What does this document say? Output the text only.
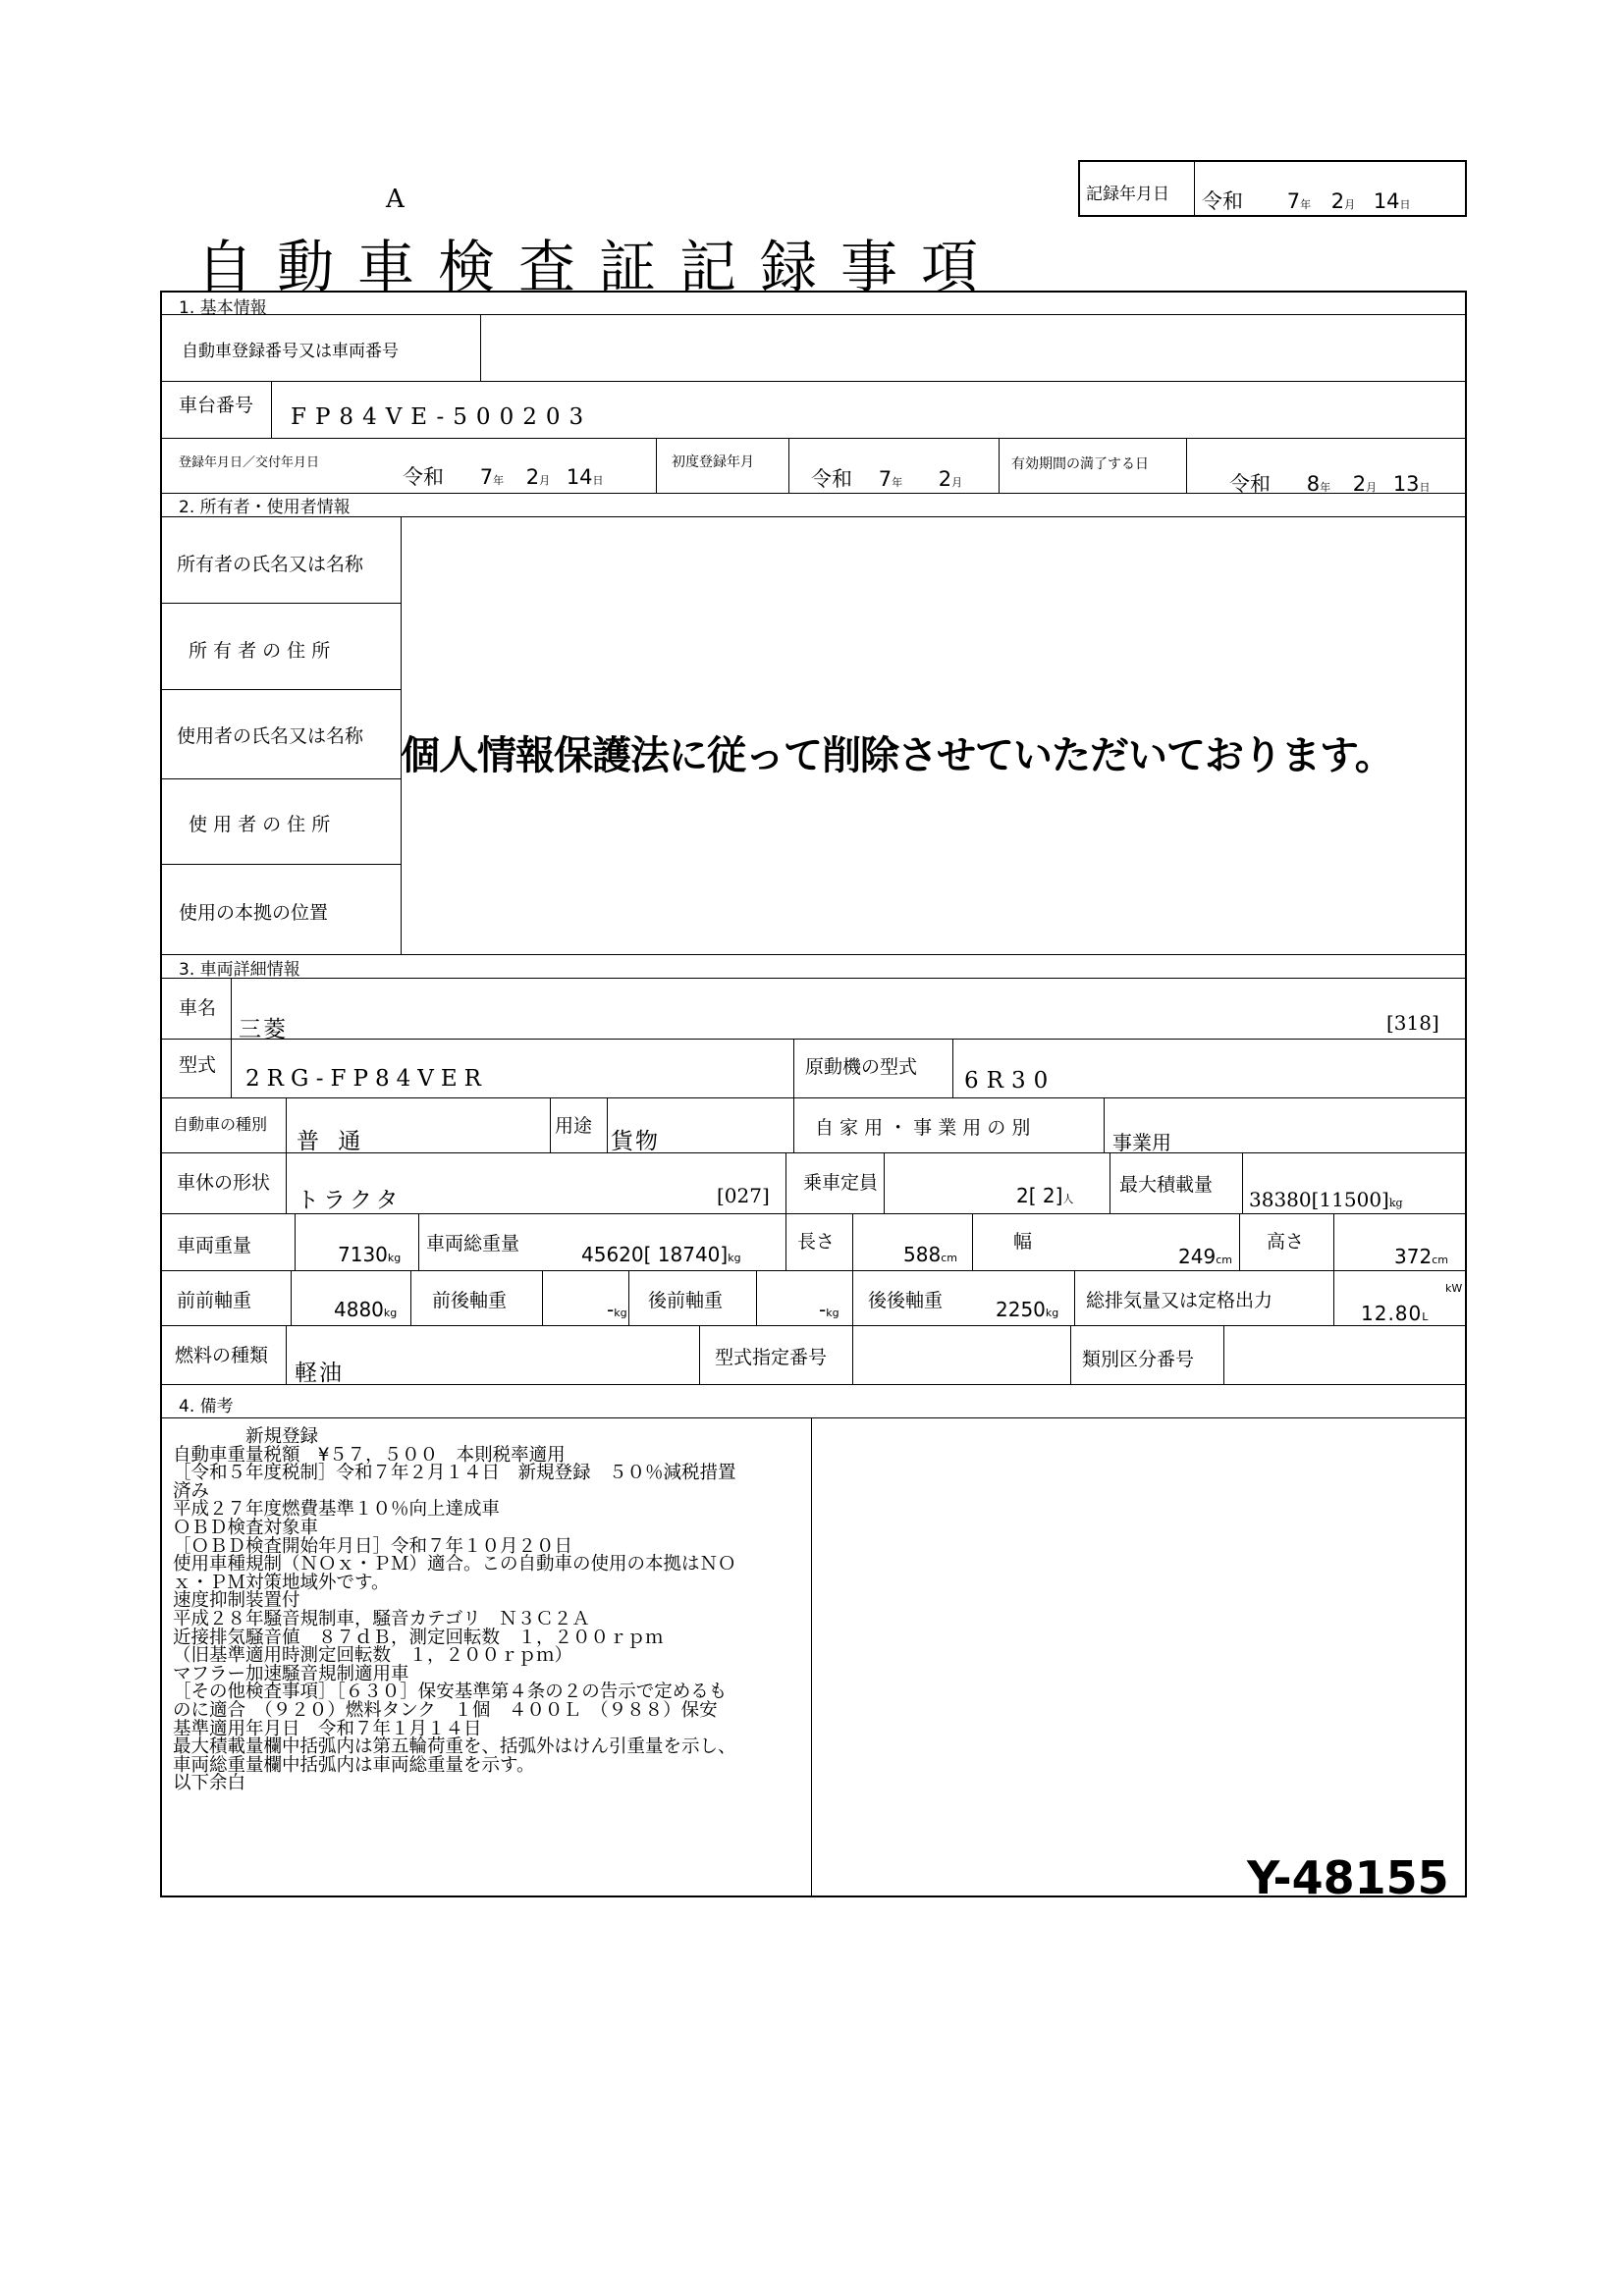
A	記録年月日 令和 7年 2月 14日
自動車検査証記録事項
1. 基本情報
自動車登録番号又は車両番号
車台番号 FP84VE-500203
登録年月日／交付年月日
令和 7年 2月 14日
初度登録年月
令和 7年 2月
有効期間の満了する日
令和 8年 2月 13日
2. 所有者・使用者情報
所有者の氏名又は名称
所 有 者 の 住 所
使用者の氏名又は名称
使 用 者 の 住 所
使用の本拠の位置
個人情報保護法に従って削除させていただいております。
3. 車両詳細情報
車名
三菱	[318]
型式
2RG-FP84VER	原動機の型式
6R30
自動車の種別
普 通
用途
貨物
自 家 用 ・ 事 業 用 の 別
事業用
車休の形状
トラクタ	[027]
乗車定員
2[ 2]人
最大積載量
38380[11500]kg
車両重量	7130kg
車両総重量	45620[ 18740]kg
長さ
588cm
幅
249cm
高さ
372cm
前前軸重	4880kg
前後軸重	-kg
後前軸重	-kg
後後軸重	2250kg
総排気量又は定格出力
kW
12.80L
燃料の種類
軽油
型式指定番号	類別区分番号
4. 備考
　　　　新規登録
自動車重量税額　¥５７，５００　本則税率適用
［令和５年度税制］令和７年２月１４日　新規登録　５０％減税措置
済み
平成２７年度燃費基準１０％向上達成車
ＯＢＤ検査対象車
［ＯＢＤ検査開始年月日］令和７年１０月２０日
使用車種規制（ＮＯｘ・ＰＭ）適合。この自動車の使用の本拠はＮＯ
ｘ・ＰＭ対策地域外です。
速度抑制装置付
平成２８年騒音規制車，騒音カテゴリ　Ｎ３Ｃ２Ａ
近接排気騒音値　８７ｄＢ，測定回転数　１，２００ｒｐｍ
（旧基準適用時測定回転数　１，２００ｒｐｍ）
マフラー加速騒音規制適用車
［その他検査事項］［６３０］保安基準第４条の２の告示で定めるも
のに適合　（９２０）燃料タンク　１個　４００Ｌ　（９８８）保安
基準適用年月日　令和７年１月１４日
最大積載量欄中括弧内は第五輪荷重を、括弧外はけん引重量を示し、
車両総重量欄中括弧内は車両総重量を示す。
以下余白
Y-48155
